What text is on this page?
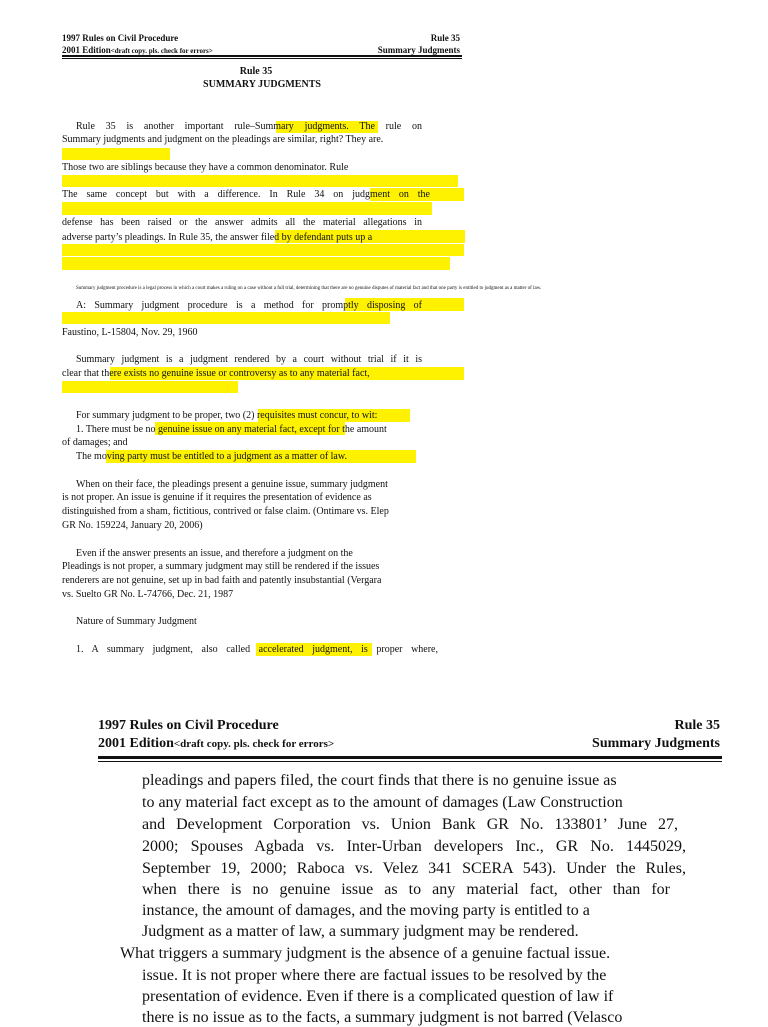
1997 Rules on Civil Procedure
2001 Edition<draft copy. pls. check for errors>
Rule 35
Summary Judgments
Rule 35
SUMMARY JUDGMENTS
Rule 35 is another important rule–Summary judgments. The rule on
Summary judgments and judgment on the pleadings are similar, right? They are.
Those two are siblings because they have a common denominator. Rule
The same concept but with a difference. In Rule 34 on judgment on the
defense has been raised or the answer admits all the material allegations in
adverse party’s pleadings. In Rule 35, the answer filed by defendant puts up a
Summary judgment procedure is a legal process in which a court makes a ruling on a case without a full trial, determining that there are no genuine disputes of material fact and that one party is entitled to judgment as a matter of law.
A: Summary judgment procedure is a method for promptly disposing of
Faustino, L-15804, Nov. 29, 1960
Summary judgment is a judgment rendered by a court without trial if it is
clear that there exists no genuine issue or controversy as to any material fact,
For summary judgment to be proper, two (2) requisites must concur, to wit:
1. There must be no genuine issue on any material fact, except for the amount
of damages; and
The moving party must be entitled to a judgment as a matter of law.
When on their face, the pleadings present a genuine issue, summary judgment
is not proper. An issue is genuine if it requires the presentation of evidence as
distinguished from a sham, fictitious, contrived or false claim. (Ontimare vs. Elep
GR No. 159224, January 20, 2006)
Even if the answer presents an issue, and therefore a judgment on the
Pleadings is not proper, a summary judgment may still be rendered if the issues
renderers are not genuine, set up in bad faith and patently insubstantial (Vergara
vs. Suelto GR No. L-74766, Dec. 21, 1987
Nature of Summary Judgment
1. A summary judgment, also called accelerated judgment, is proper where,
1997 Rules on Civil Procedure
2001 Edition<draft copy. pls. check for errors>
Rule 35
Summary Judgments
pleadings and papers filed, the court finds that there is no genuine issue as
to any material fact except as to the amount of damages (Law Construction
and Development Corporation vs. Union Bank GR No. 133801’ June 27,
2000; Spouses Agbada vs. Inter-Urban developers Inc., GR No. 1445029,
September 19, 2000; Raboca vs. Velez 341 SCERA 543). Under the Rules,
when there is no genuine issue as to any material fact, other than for
instance, the amount of damages, and the moving party is entitled to a
Judgment as a matter of law, a summary judgment may be rendered.
What triggers a summary judgment is the absence of a genuine factual issue.
issue. It is not proper where there are factual issues to be resolved by the
presentation of evidence. Even if there is a complicated question of law if
there is no issue as to the facts, a summary judgment is not barred (Velasco
